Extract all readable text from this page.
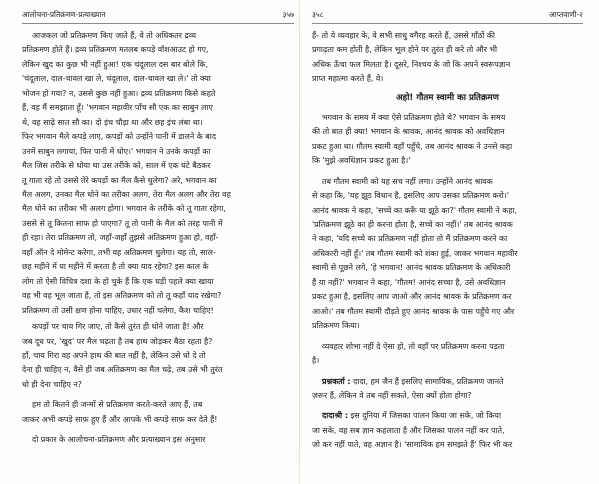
आलोचना-प्रतिक्रमण-प्रत्याख्यान	३५७
आजकल जो प्रतिक्रमण किए जाते हैं, वे तो अधिकतर द्रव्य
प्रतिक्रमण होते हैं। द्रव्य प्रतिक्रमण मतलब कपड़े वॉशआउट हो गए,
लेकिन खुद का कुछ भी नहीं हुआ! एक चंदूलाल दस बार बोले कि,
'चंदूलाल, दाल-चावल खा ले, चंदूलाल, दाल-चावल खा ले।' तो क्या
भोजन हो गया? न, उससे कुछ नहीं हुआ। द्रव्य प्रतिक्रमण किसे कहते
हैं, वह मैं समझाता हूँ। 'भगवान महावीर पाँच सौ एक का साबुन लाए
थे, वह साढ़े सात सौ का। दो इंच चौड़ा था और छह इंच लंबा था।
फिर भगवान मैले कपड़े लाए, कपड़ों को उन्होंने पानी में डालने के बाद
उनमें साबुन लगाया, फिर पानी में धोए।' भगवान ने उनके कपड़ों का
मैल जिस तरीके से धोया था उस तरीके को, साल में एक घंटे बैठकर
तू गाता रहे तो उससे तेरे कपड़ों का मैल कैसे धुलेगा? अरे, भगवान का
मैल अलग, उनका मैल धोने का तरीका अलग, तेरा मैल अलग और तेरा वह
मैल धोने का तरीका भी अलग होगा। भगवान के तरीके को तू गाता रहेगा,
उससे से तू कितना साफ हो पाएगा? तू तो पानी के मैल को तरह पानी में
ही रहा। तेरा प्रतिक्रमण तो, जहाँ-जहाँ तुझसे अतिक्रमण हुआ हो, वहाँ-
वहाँ ऑन दे मोमेन्ट करेगा, तभी वह अतिक्रमण धुलेगा। यह तो, साल-
छह महीने में या महीने में करता है तो क्या याद रहेगा? इस काल के
लोग तो ऐसी विचित्र दशा के हो चुके हैं कि एक घड़ी पहले क्या खाया
वह भी वह भूल जाता है, तो इस अतिक्रमण को तो तू कहाँ याद रखेगा?
प्रतिक्रमण तो उसी क्षण होना चाहिए, उधार नहीं चलेगा, कैश चाहिए!
कपड़ों पर चाय गिर जाए, तो कैसे तुरंत ही धोने जाता है! और
जब दूध पर, 'खुद' पर मैल चढ़ता है तब हाथ जोड़कर बैठा रहता है?
हाँ, चाय गिरा वह अपने हाथ की बात नहीं है, लेकिन उसे धो दे तो
देना ही चाहिए न, वैसे ही जब अतिक्रमण का मैल चढ़े, तब उसे भी तुरंत
धो ही देना चाहिए न?
हम तो कितने ही जन्मों से प्रतिक्रमण करते-करते आए हैं, तब
जाकर अभी कपड़े साफ़ हुए हैं और आपके भी कपड़े साफ़ कर देते हैं!
दो प्रकार के आलोचना-प्रतिक्रमण और प्रत्याख्यान इस अनुसार
३५८	आप्तवाणी-२
हैं- तो ये व्यवहार के, वे सभी साधु वगैरह करते हैं, उससे गाँठों की
प्रगाढ़ता कम होती है, लेकिन भूल होने पर तुरंत ही करे तो और भी
अधिक ऊँचा फल मिलता है। दूसरे, निश्चय के जो कि अपने स्वरूपज्ञान
प्राप्त महात्मा करते हैं, वे।
अहो! गौतम स्वामी का प्रतिक्रमण
भगवान के समय में क्या ऐसे प्रतिक्रमण होते थे? भगवान के समय
की तो बात ही क्या! भगवान के श्रावक, आनंद श्रावक को अवधिज्ञान
प्रकट हुआ था। गौतम स्वामी वहाँ पहुँचे, तब आनंद श्रावक ने उनसे कहा
कि 'मुझे अवधिज्ञान प्रकट हुआ है।'
तब गौतम स्वामी को यह सच नहीं लगा। उन्होंने आनंद श्रावक
से कहा कि, 'यह झूठ विधान है, इसलिए आप उसका प्रतिक्रमण करो।'
आनंद श्रावक ने कहा, 'सच्चे का करूँ या झूठे का?' गौतम स्वामी ने कहा,
'प्रतिक्रमण झूठे का ही करना होता है, सच्चे का नहीं।' तब आनंद श्रावक
ने कहा, 'यदि सच्चे का प्रतिक्रमण नहीं होता तो मैं प्रतिक्रमण करने का
अधिकारी नहीं हूँ।' तब गौतम स्वामी को शंका हुई, जाकर भगवान महावीर
स्वामी से पूछने लगे, 'हे भगवान! आनंद श्रावक प्रतिक्रमण के अधिकारी
हैं या नहीं?' भगवान ने कहा, 'गौतम! आनंद सच्चा है, उसे अवधिज्ञान
प्रकट हुआ है, इसलिए आप जाओ और आनंद श्रावक के प्रतिक्रमण कर
आओ।' तब गौतम स्वामी दौड़ते हुए आनंद श्रावक के पास पहुँचे गए और
प्रतिक्रमण किया।
व्यवहार शोभा नहीं दे ऐसा हो, तो वहाँ पर प्रतिक्रमण करना पड़ता
है।
प्रश्नकर्ता : दादा, हम जैन हैं इसलिए सामायिक, प्रतिक्रमण जानते
ज़रूर हैं, लेकिन वे तब नहीं सकते, ऐसा क्यों होता होगा?
दादाश्री : इस दुनिया में जिसका पालन किया जा सके, जो किया
जा सके, वह सब ज्ञान कहलाता है और जिसका पालन नहीं कर पाते,
जो कर नहीं पाते, वह अज्ञान है। 'सामायिक हम समझते हैं' फिर भी कर
